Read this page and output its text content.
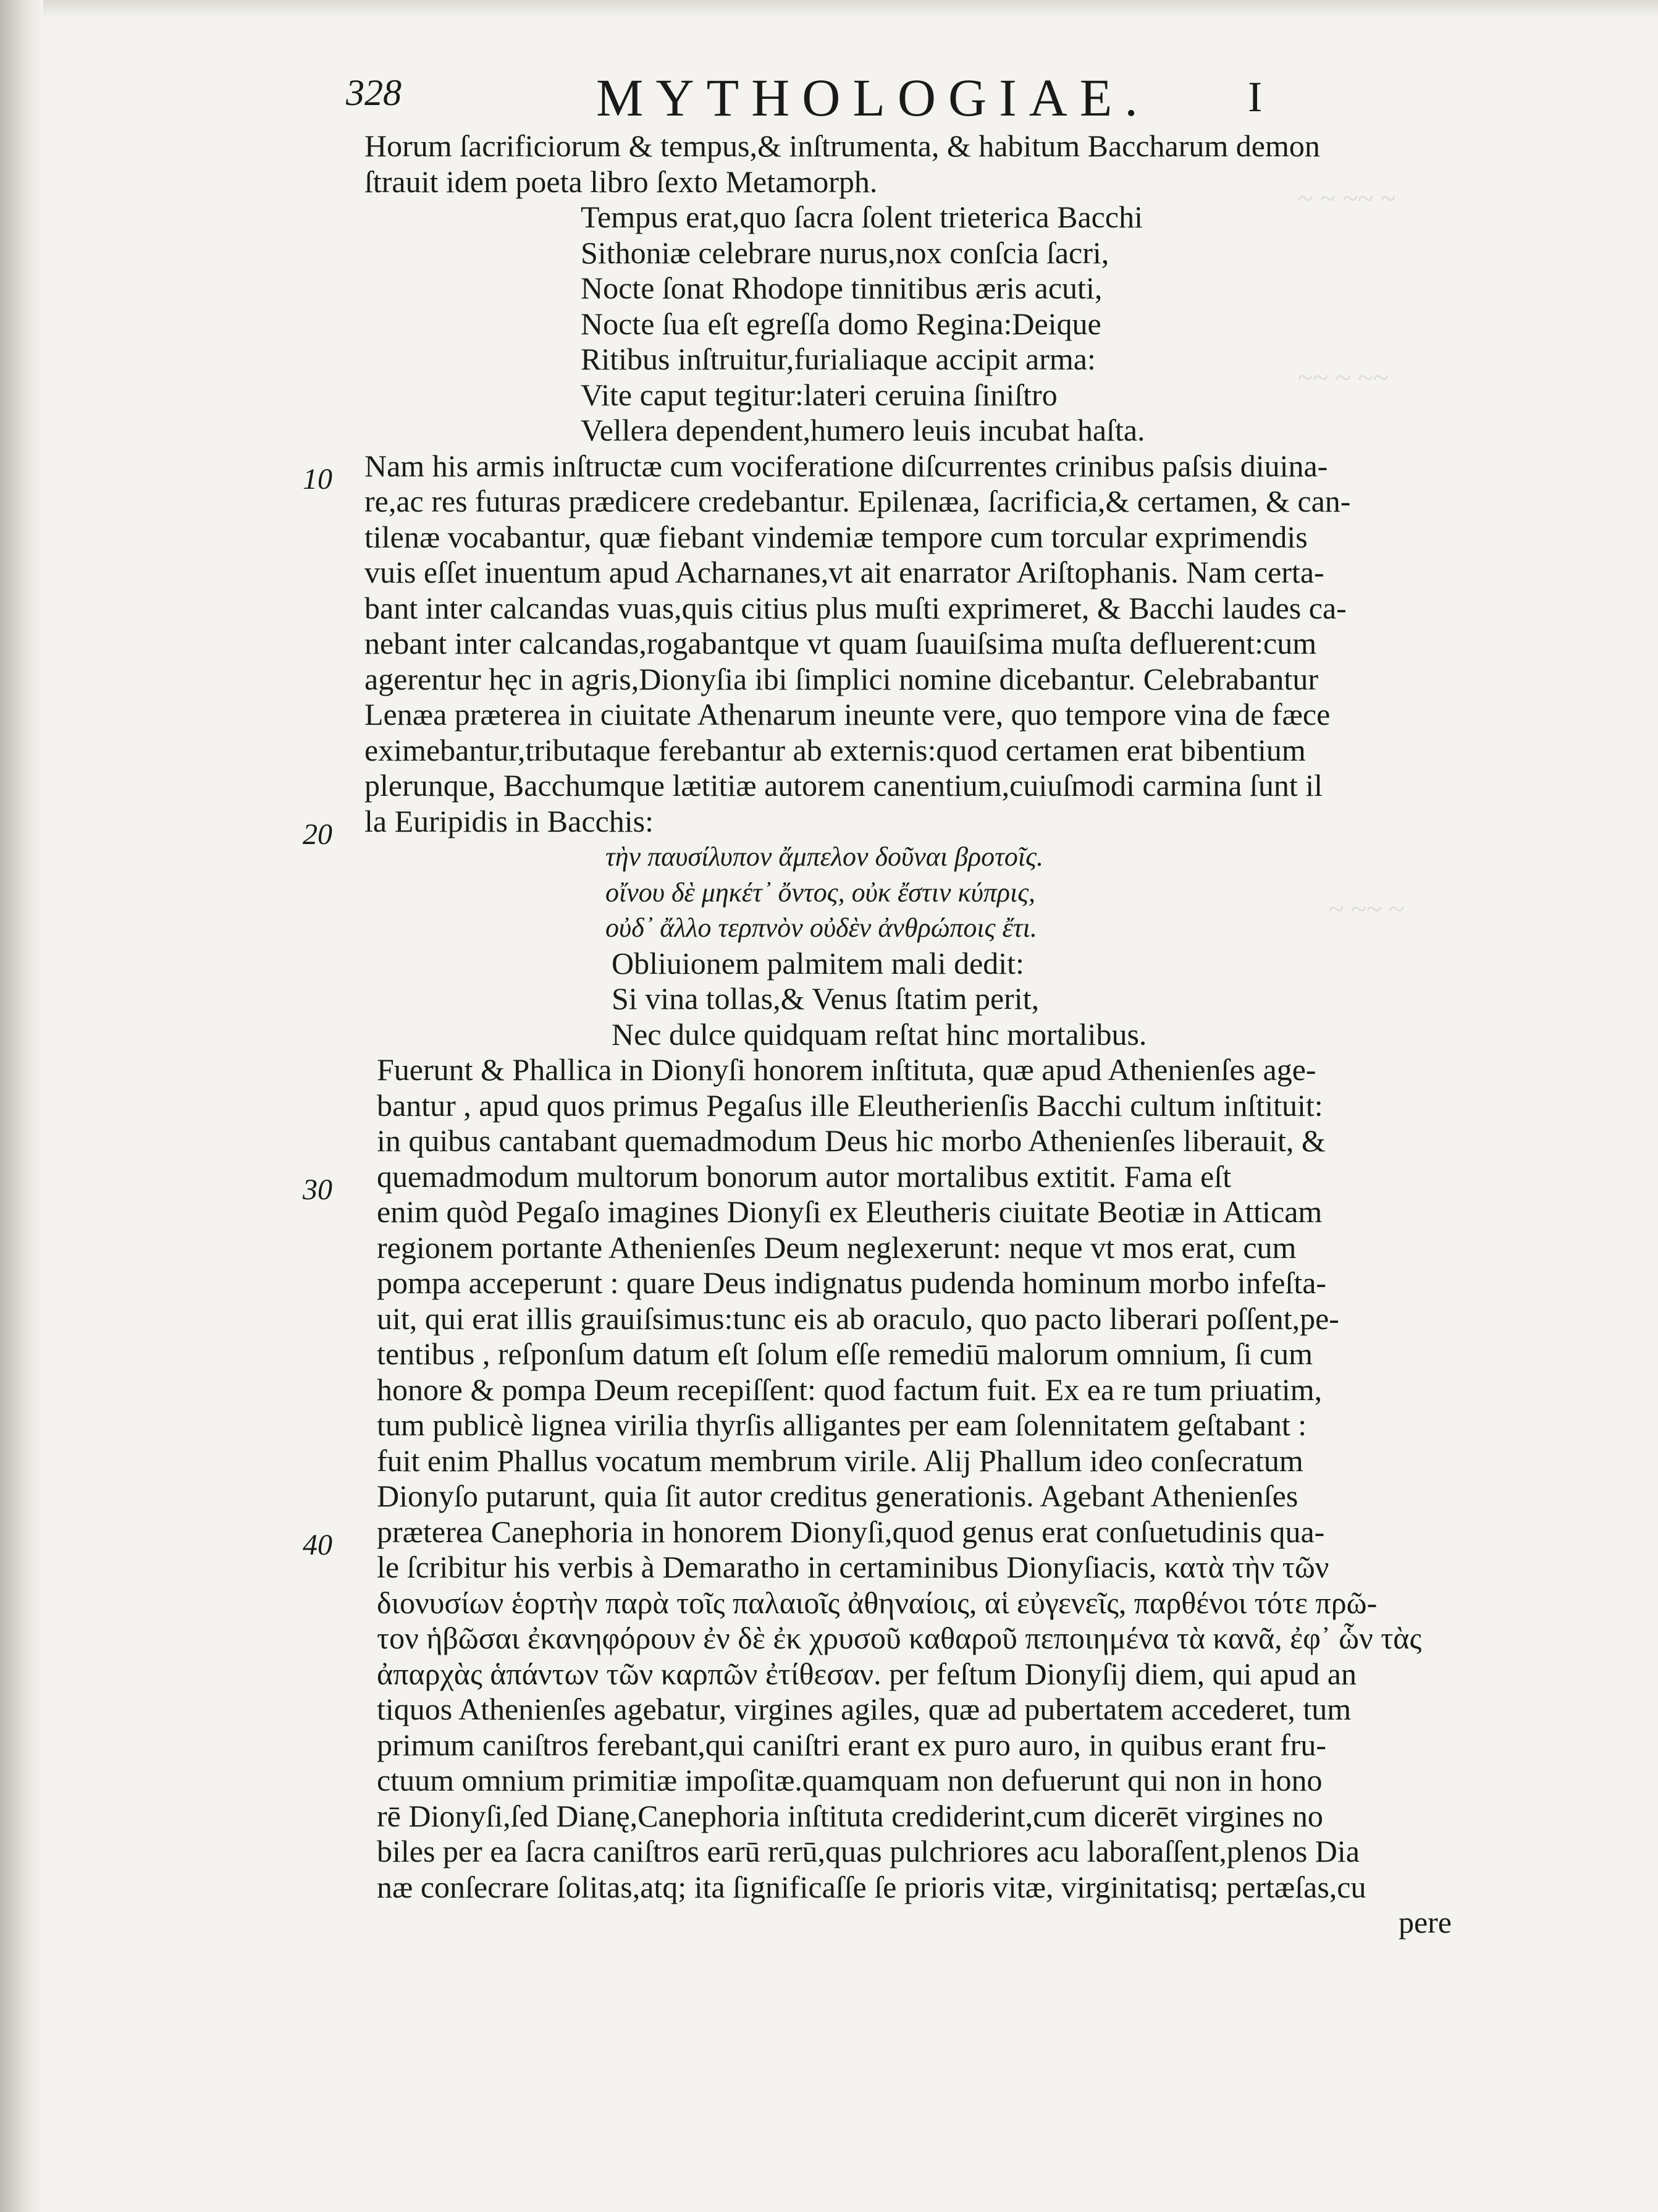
~ ~ ~~ ~
~~ ~ ~~
~ ~~ ~
328	MYTHOLOGIAE. I
10
20
30
40
Horum ſacrificiorum & tempus,& inſtrumenta, & habitum Baccharum demon
ſtrauit idem poeta libro ſexto Metamorph.
Tempus erat,quo ſacra ſolent trieterica Bacchi
Sithoniæ celebrare nurus,nox conſcia ſacri,
Nocte ſonat Rhodope tinnitibus æris acuti,
Nocte ſua eſt egreſſa domo Regina:Deique
Ritibus inſtruitur,furialiaque accipit arma:
Vite caput tegitur:lateri ceruina ſiniſtro
Vellera dependent,humero leuis incubat haſta.
Nam his armis inſtructæ cum vociferatione diſcurrentes crinibus paſsis diuina-
re,ac res futuras prædicere credebantur. Epilenæa, ſacrificia,& certamen, & can-
tilenæ vocabantur, quæ fiebant vindemiæ tempore cum torcular exprimendis
vuis eſſet inuentum apud Acharnanes,vt ait enarrator Ariſtophanis. Nam certa-
bant inter calcandas vuas,quis citius plus muſti exprimeret, & Bacchi laudes ca-
nebant inter calcandas,rogabantque vt quam ſuauiſsima muſta defluerent:cum
agerentur hęc in agris,Dionyſia ibi ſimplici nomine dicebantur. Celebrabantur
Lenæa præterea in ciuitate Athenarum ineunte vere, quo tempore vina de fæce
eximebantur,tributaque ferebantur ab externis:quod certamen erat bibentium
plerunque, Bacchumque lætitiæ autorem canentium,cuiuſmodi carmina ſunt il
la Euripidis in Bacchis:
τὴν παυσίλυπον ἄμπελον δοῦναι βροτοῖς.
οἴνου δὲ μηκέτ᾽ ὄντος, οὐκ ἔστιν κύπρις,
οὐδ᾽ ἄλλο τερπνὸν οὐδὲν ἀνθρώποις ἔτι.
Obliuionem palmitem mali dedit:
Si vina tollas,& Venus ſtatim perit,
Nec dulce quidquam reſtat hinc mortalibus.
Fuerunt & Phallica in Dionyſi honorem inſtituta, quæ apud Athenienſes age-
bantur , apud quos primus Pegaſus ille Eleutherienſis Bacchi cultum inſtituit:
in quibus cantabant quemadmodum Deus hic morbo Athenienſes liberauit, &
quemadmodum multorum bonorum autor mortalibus extitit. Fama eſt
enim quòd Pegaſo imagines Dionyſi ex Eleutheris ciuitate Beotiæ in Atticam
regionem portante Athenienſes Deum neglexerunt: neque vt mos erat, cum
pompa acceperunt : quare Deus indignatus pudenda hominum morbo infeſta-
uit, qui erat illis grauiſsimus:tunc eis ab oraculo, quo pacto liberari poſſent,pe-
tentibus , reſponſum datum eſt ſolum eſſe remediū malorum omnium, ſi cum
honore & pompa Deum recepiſſent: quod factum fuit. Ex ea re tum priuatim,
tum publicè lignea virilia thyrſis alligantes per eam ſolennitatem geſtabant :
fuit enim Phallus vocatum membrum virile. Alij Phallum ideo conſecratum
Dionyſo putarunt, quia ſit autor creditus generationis. Agebant Athenienſes
præterea Canephoria in honorem Dionyſi,quod genus erat conſuetudinis qua-
le ſcribitur his verbis à Demaratho in certaminibus Dionyſiacis, κατὰ τὴν τῶν
διονυσίων ἑορτὴν παρὰ τοῖς παλαιοῖς ἀθηναίοις, αἱ εὐγενεῖς, παρθένοι τότε πρῶ-
τον ἡβῶσαι ἐκανηφόρουν ἐν δὲ ἐκ χρυσοῦ καθαροῦ πεποιημένα τὰ κανᾶ, ἐφ᾽ ὧν τὰς
ἀπαρχὰς ἁπάντων τῶν καρπῶν ἐτίθεσαν. per feſtum Dionyſij diem, qui apud an
tiquos Athenienſes agebatur, virgines agiles, quæ ad pubertatem accederet, tum
primum caniſtros ferebant,qui caniſtri erant ex puro auro, in quibus erant fru-
ctuum omnium primitiæ impoſitæ.quamquam non defuerunt qui non in hono
rē Dionyſi,ſed Dianę,Canephoria inſtituta crediderint,cum dicerēt virgines no
biles per ea ſacra caniſtros earū rerū,quas pulchriores acu laboraſſent,plenos Dia
næ conſecrare ſolitas,atq; ita ſignificaſſe ſe prioris vitæ, virginitatisq; pertæſas,cu
pere
